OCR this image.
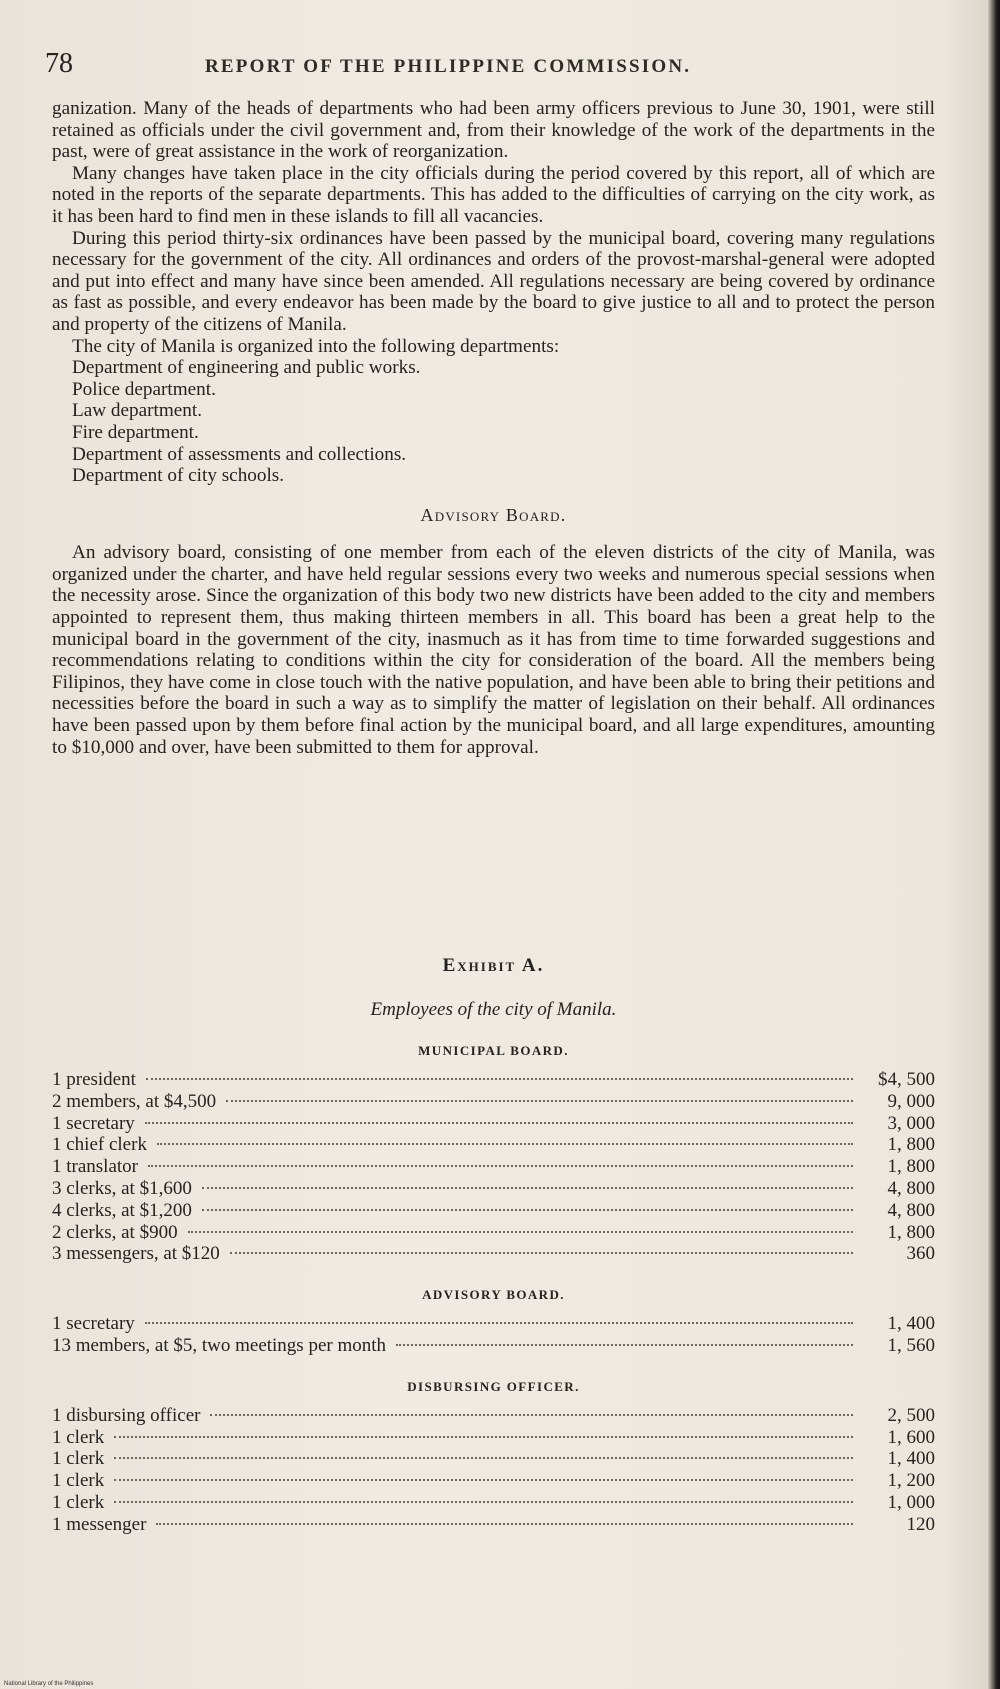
78	REPORT OF THE PHILIPPINE COMMISSION.

ganization. Many of the heads of departments who had been army officers previous to June 30, 1901, were still retained as officials under the civil government and, from their knowledge of the work of the departments in the past, were of great assistance in the work of reorganization.

Many changes have taken place in the city officials during the period covered by this report, all of which are noted in the reports of the separate departments. This has added to the difficulties of carrying on the city work, as it has been hard to find men in these islands to fill all vacancies.

During this period thirty-six ordinances have been passed by the municipal board, covering many regulations necessary for the government of the city. All ordinances and orders of the provost-marshal-general were adopted and put into effect and many have since been amended. All regulations necessary are being covered by ordinance as fast as possible, and every endeavor has been made by the board to give justice to all and to protect the person and property of the citizens of Manila.

The city of Manila is organized into the following departments:

Department of engineering and public works.
Police department.
Law department.
Fire department.
Department of assessments and collections.
Department of city schools.
Advisory Board.

An advisory board, consisting of one member from each of the eleven districts of the city of Manila, was organized under the charter, and have held regular sessions every two weeks and numerous special sessions when the necessity arose. Since the organization of this body two new districts have been added to the city and members appointed to represent them, thus making thirteen members in all. This board has been a great help to the municipal board in the government of the city, inasmuch as it has from time to time forwarded suggestions and recommendations relating to conditions within the city for consideration of the board. All the members being Filipinos, they have come in close touch with the native population, and have been able to bring their petitions and necessities before the board in such a way as to simplify the matter of legislation on their behalf. All ordinances have been passed upon by them before final action by the municipal board, and all large expenditures, amounting to $10,000 and over, have been submitted to them for approval.

Exhibit A.
Employees of the city of Manila.
MUNICIPAL BOARD.
1 president	$4, 500
2 members, at $4,500	9, 000
1 secretary	3, 000
1 chief clerk	1, 800
1 translator	1, 800
3 clerks, at $1,600	4, 800
4 clerks, at $1,200	4, 800
2 clerks, at $900	1, 800
3 messengers, at $120	360
ADVISORY BOARD.
1 secretary	1, 400
13 members, at $5, two meetings per month	1, 560
DISBURSING OFFICER.
1 disbursing officer	2, 500
1 clerk	1, 600
1 clerk	1, 400
1 clerk	1, 200
1 clerk	1, 000
1 messenger	120
National Library of the Philippines
